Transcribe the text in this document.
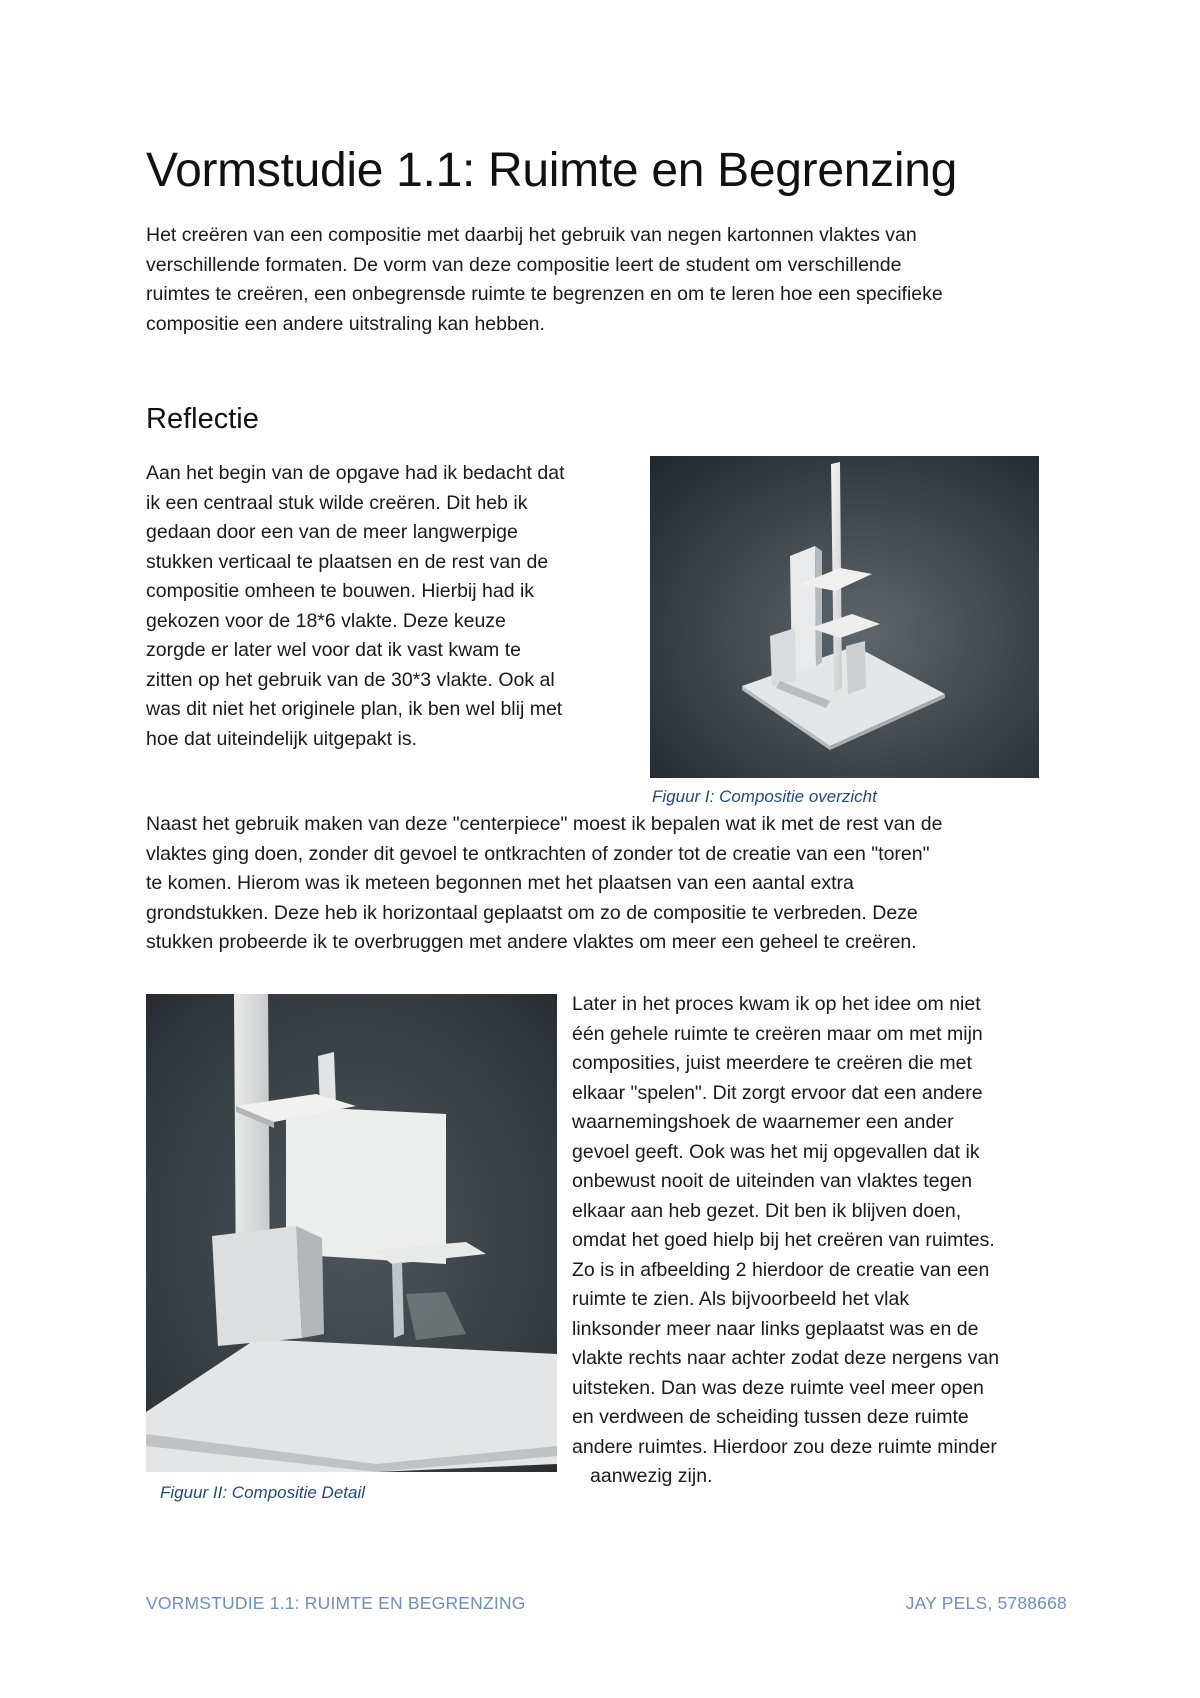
Vormstudie 1.1: Ruimte en Begrenzing

Het creëren van een compositie met daarbij het gebruik van negen kartonnen vlaktes van
verschillende formaten. De vorm van deze compositie leert de student om verschillende
ruimtes te creëren, een onbegrensde ruimte te begrenzen en om te leren hoe een specifieke
compositie een andere uitstraling kan hebben.

Reflectie

Aan het begin van de opgave had ik bedacht dat
ik een centraal stuk wilde creëren. Dit heb ik
gedaan door een van de meer langwerpige
stukken verticaal te plaatsen en de rest van de
compositie omheen te bouwen. Hierbij had ik
gekozen voor de 18*6 vlakte. Deze keuze
zorgde er later wel voor dat ik vast kwam te
zitten op het gebruik van de 30*3 vlakte. Ook al
was dit niet het originele plan, ik ben wel blij met
hoe dat uiteindelijk uitgepakt is.

Figuur I: Compositie overzicht

Naast het gebruik maken van deze "centerpiece" moest ik bepalen wat ik met de rest van de
vlaktes ging doen, zonder dit gevoel te ontkrachten of zonder tot de creatie van een "toren"
te komen. Hierom was ik meteen begonnen met het plaatsen van een aantal extra
grondstukken. Deze heb ik horizontaal geplaatst om zo de compositie te verbreden. Deze
stukken probeerde ik te overbruggen met andere vlaktes om meer een geheel te creëren.

Figuur II: Compositie Detail

Later in het proces kwam ik op het idee om niet
één gehele ruimte te creëren maar om met mijn
composities, juist meerdere te creëren die met
elkaar "spelen". Dit zorgt ervoor dat een andere
waarnemingshoek de waarnemer een ander
gevoel geeft. Ook was het mij opgevallen dat ik
onbewust nooit de uiteinden van vlaktes tegen
elkaar aan heb gezet. Dit ben ik blijven doen,
omdat het goed hielp bij het creëren van ruimtes.
Zo is in afbeelding 2 hierdoor de creatie van een
ruimte te zien. Als bijvoorbeeld het vlak
linksonder meer naar links geplaatst was en de
vlakte rechts naar achter zodat deze nergens van
uitsteken. Dan was deze ruimte veel meer open
en verdween de scheiding tussen deze ruimte
andere ruimtes. Hierdoor zou deze ruimte minder
aanwezig zijn.

VORMSTUDIE 1.1: RUIMTE EN BEGRENZING	JAY PELS, 5788668
